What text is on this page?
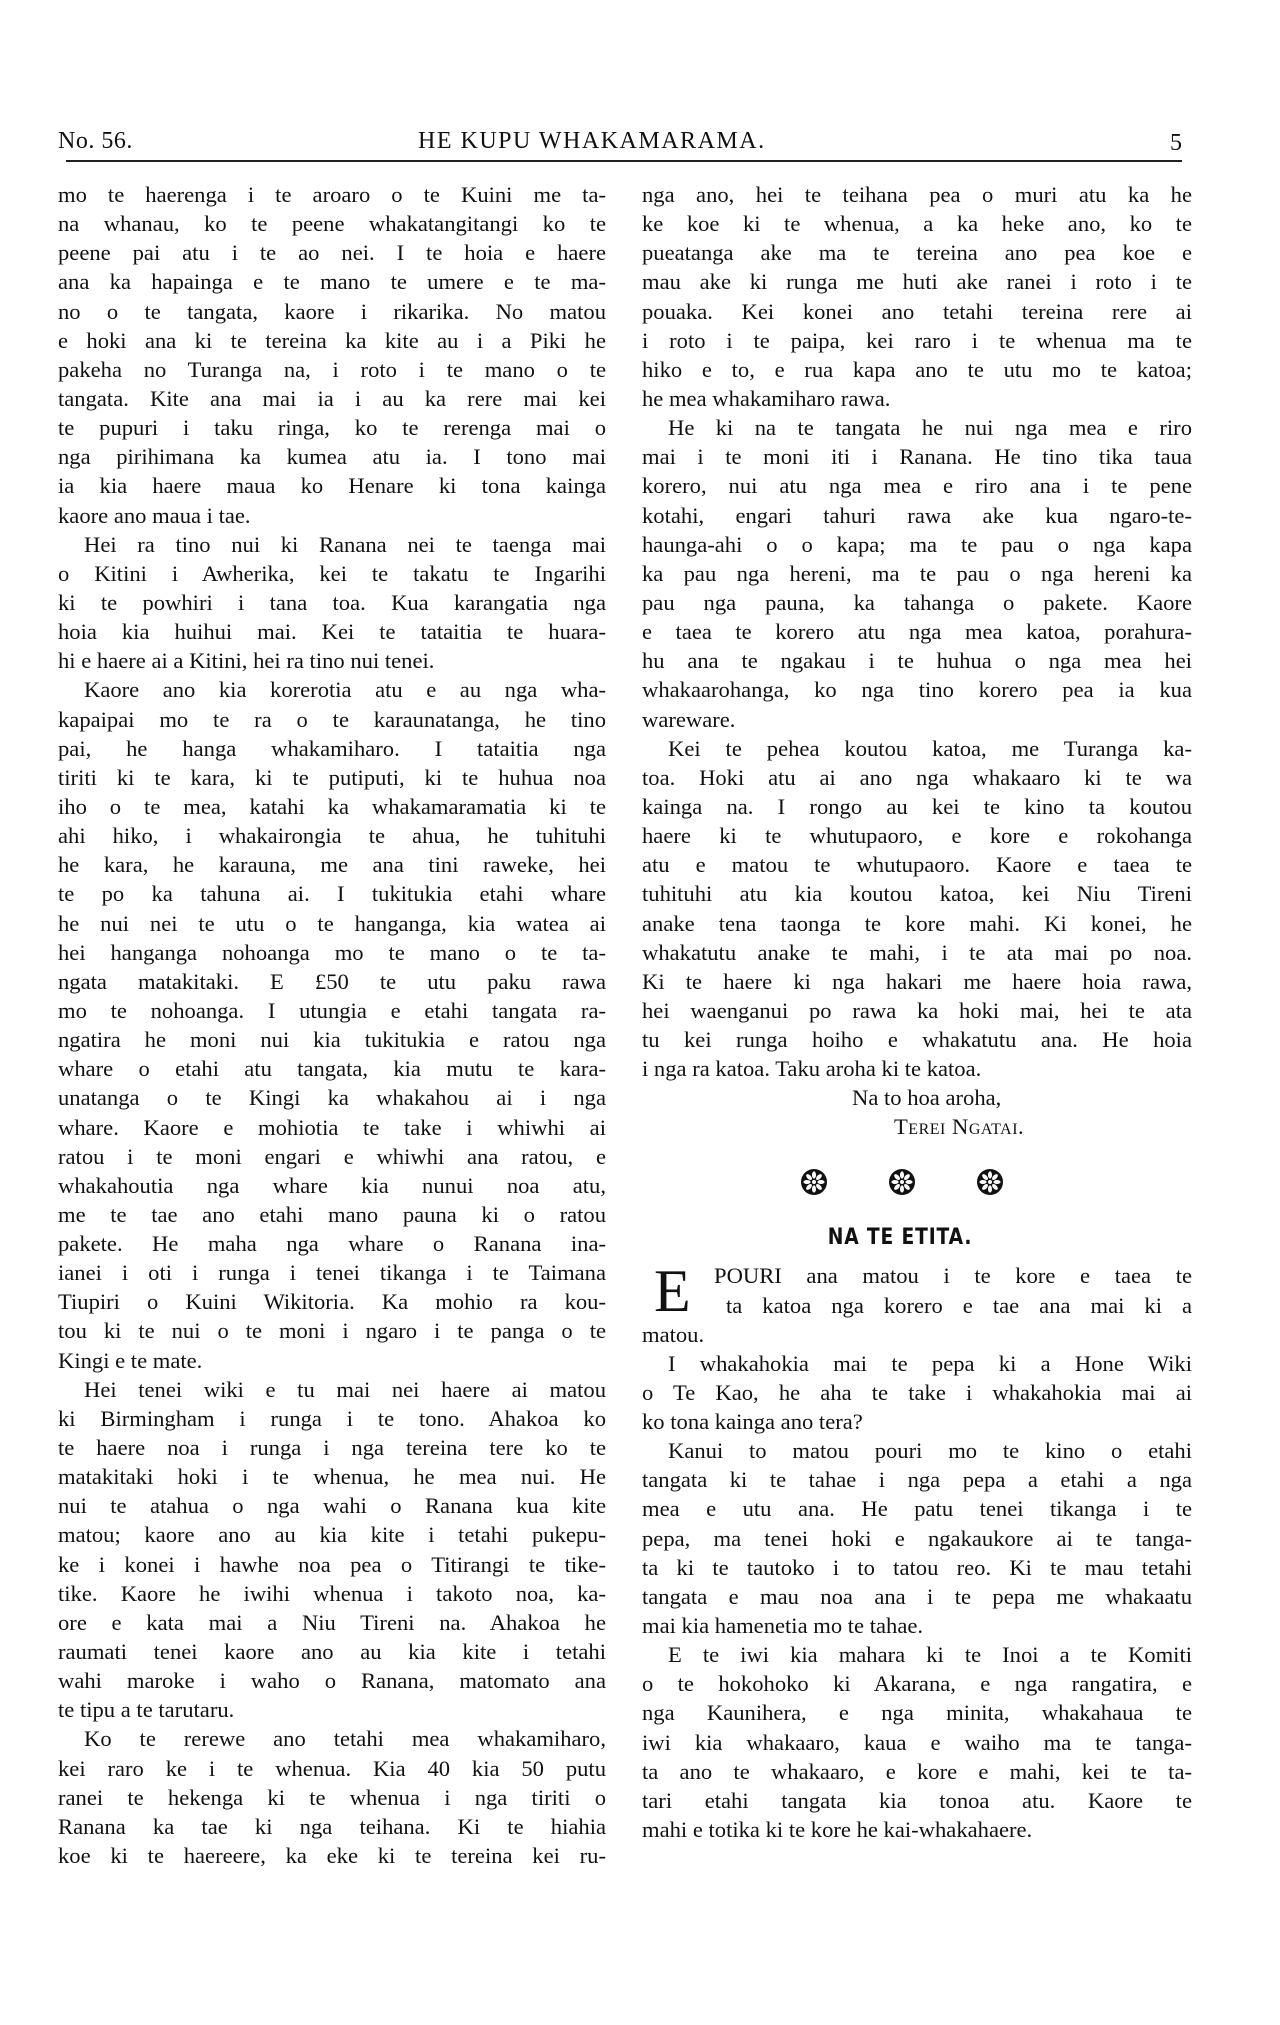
No. 56.	HE KUPU WHAKAMARAMA.	5
mo te haerenga i te aroaro o te Kuini me ta-
na whanau, ko te peene whakatangitangi ko te
peene pai atu i te ao nei. I te hoia e haere
ana ka hapainga e te mano te umere e te ma-
no o te tangata, kaore i rikarika. No matou
e hoki ana ki te tereina ka kite au i a Piki he
pakeha no Turanga na, i roto i te mano o te
tangata. Kite ana mai ia i au ka rere mai kei
te pupuri i taku ringa, ko te rerenga mai o
nga pirihimana ka kumea atu ia. I tono mai
ia kia haere maua ko Henare ki tona kainga
kaore ano maua i tae.
Hei ra tino nui ki Ranana nei te taenga mai
o Kitini i Awherika, kei te takatu te Ingarihi
ki te powhiri i tana toa. Kua karangatia nga
hoia kia huihui mai. Kei te tataitia te huara-
hi e haere ai a Kitini, hei ra tino nui tenei.
Kaore ano kia korerotia atu e au nga wha-
kapaipai mo te ra o te karaunatanga, he tino
pai, he hanga whakamiharo. I tataitia nga
tiriti ki te kara, ki te putiputi, ki te huhua noa
iho o te mea, katahi ka whakamaramatia ki te
ahi hiko, i whakairongia te ahua, he tuhituhi
he kara, he karauna, me ana tini raweke, hei
te po ka tahuna ai. I tukitukia etahi whare
he nui nei te utu o te hanganga, kia watea ai
hei hanganga nohoanga mo te mano o te ta-
ngata matakitaki. E £50 te utu paku rawa
mo te nohoanga. I utungia e etahi tangata ra-
ngatira he moni nui kia tukitukia e ratou nga
whare o etahi atu tangata, kia mutu te kara-
unatanga o te Kingi ka whakahou ai i nga
whare. Kaore e mohiotia te take i whiwhi ai
ratou i te moni engari e whiwhi ana ratou, e
whakahoutia nga whare kia nunui noa atu,
me te tae ano etahi mano pauna ki o ratou
pakete. He maha nga whare o Ranana ina-
ianei i oti i runga i tenei tikanga i te Taimana
Tiupiri o Kuini Wikitoria. Ka mohio ra kou-
tou ki te nui o te moni i ngaro i te panga o te
Kingi e te mate.
Hei tenei wiki e tu mai nei haere ai matou
ki Birmingham i runga i te tono. Ahakoa ko
te haere noa i runga i nga tereina tere ko te
matakitaki hoki i te whenua, he mea nui. He
nui te atahua o nga wahi o Ranana kua kite
matou; kaore ano au kia kite i tetahi pukepu-
ke i konei i hawhe noa pea o Titirangi te tike-
tike. Kaore he iwihi whenua i takoto noa, ka-
ore e kata mai a Niu Tireni na. Ahakoa he
raumati tenei kaore ano au kia kite i tetahi
wahi maroke i waho o Ranana, matomato ana
te tipu a te tarutaru.
Ko te rerewe ano tetahi mea whakamiharo,
kei raro ke i te whenua. Kia 40 kia 50 putu
ranei te hekenga ki te whenua i nga tiriti o
Ranana ka tae ki nga teihana. Ki te hiahia
koe ki te haereere, ka eke ki te tereina kei ru-
nga ano, hei te teihana pea o muri atu ka he
ke koe ki te whenua, a ka heke ano, ko te
pueatanga ake ma te tereina ano pea koe e
mau ake ki runga me huti ake ranei i roto i te
pouaka. Kei konei ano tetahi tereina rere ai
i roto i te paipa, kei raro i te whenua ma te
hiko e to, e rua kapa ano te utu mo te katoa;
he mea whakamiharo rawa.
He ki na te tangata he nui nga mea e riro
mai i te moni iti i Ranana. He tino tika taua
korero, nui atu nga mea e riro ana i te pene
kotahi, engari tahuri rawa ake kua ngaro-te-
haunga-ahi o o kapa; ma te pau o nga kapa
ka pau nga hereni, ma te pau o nga hereni ka
pau nga pauna, ka tahanga o pakete. Kaore
e taea te korero atu nga mea katoa, porahura-
hu ana te ngakau i te huhua o nga mea hei
whakaarohanga, ko nga tino korero pea ia kua
wareware.
Kei te pehea koutou katoa, me Turanga ka-
toa. Hoki atu ai ano nga whakaaro ki te wa
kainga na. I rongo au kei te kino ta koutou
haere ki te whutupaoro, e kore e rokohanga
atu e matou te whutupaoro. Kaore e taea te
tuhituhi atu kia koutou katoa, kei Niu Tireni
anake tena taonga te kore mahi. Ki konei, he
whakatutu anake te mahi, i te ata mai po noa.
Ki te haere ki nga hakari me haere hoia rawa,
hei waenganui po rawa ka hoki mai, hei te ata
tu kei runga hoiho e whakatutu ana. He hoia
i nga ra katoa. Taku aroha ki te katoa.
Na to hoa aroha,
Terei Ngatai.
NA TE ETITA.
E	POURI ana matou i te kore e taea te
ta katoa nga korero e tae ana mai ki a
matou.
I whakahokia mai te pepa ki a Hone Wiki
o Te Kao, he aha te take i whakahokia mai ai
ko tona kainga ano tera?
Kanui to matou pouri mo te kino o etahi
tangata ki te tahae i nga pepa a etahi a nga
mea e utu ana. He patu tenei tikanga i te
pepa, ma tenei hoki e ngakaukore ai te tanga-
ta ki te tautoko i to tatou reo. Ki te mau tetahi
tangata e mau noa ana i te pepa me whakaatu
mai kia hamenetia mo te tahae.
E te iwi kia mahara ki te Inoi a te Komiti
o te hokohoko ki Akarana, e nga rangatira, e
nga Kaunihera, e nga minita, whakahaua te
iwi kia whakaaro, kaua e waiho ma te tanga-
ta ano te whakaaro, e kore e mahi, kei te ta-
tari etahi tangata kia tonoa atu. Kaore te
mahi e totika ki te kore he kai-whakahaere.
